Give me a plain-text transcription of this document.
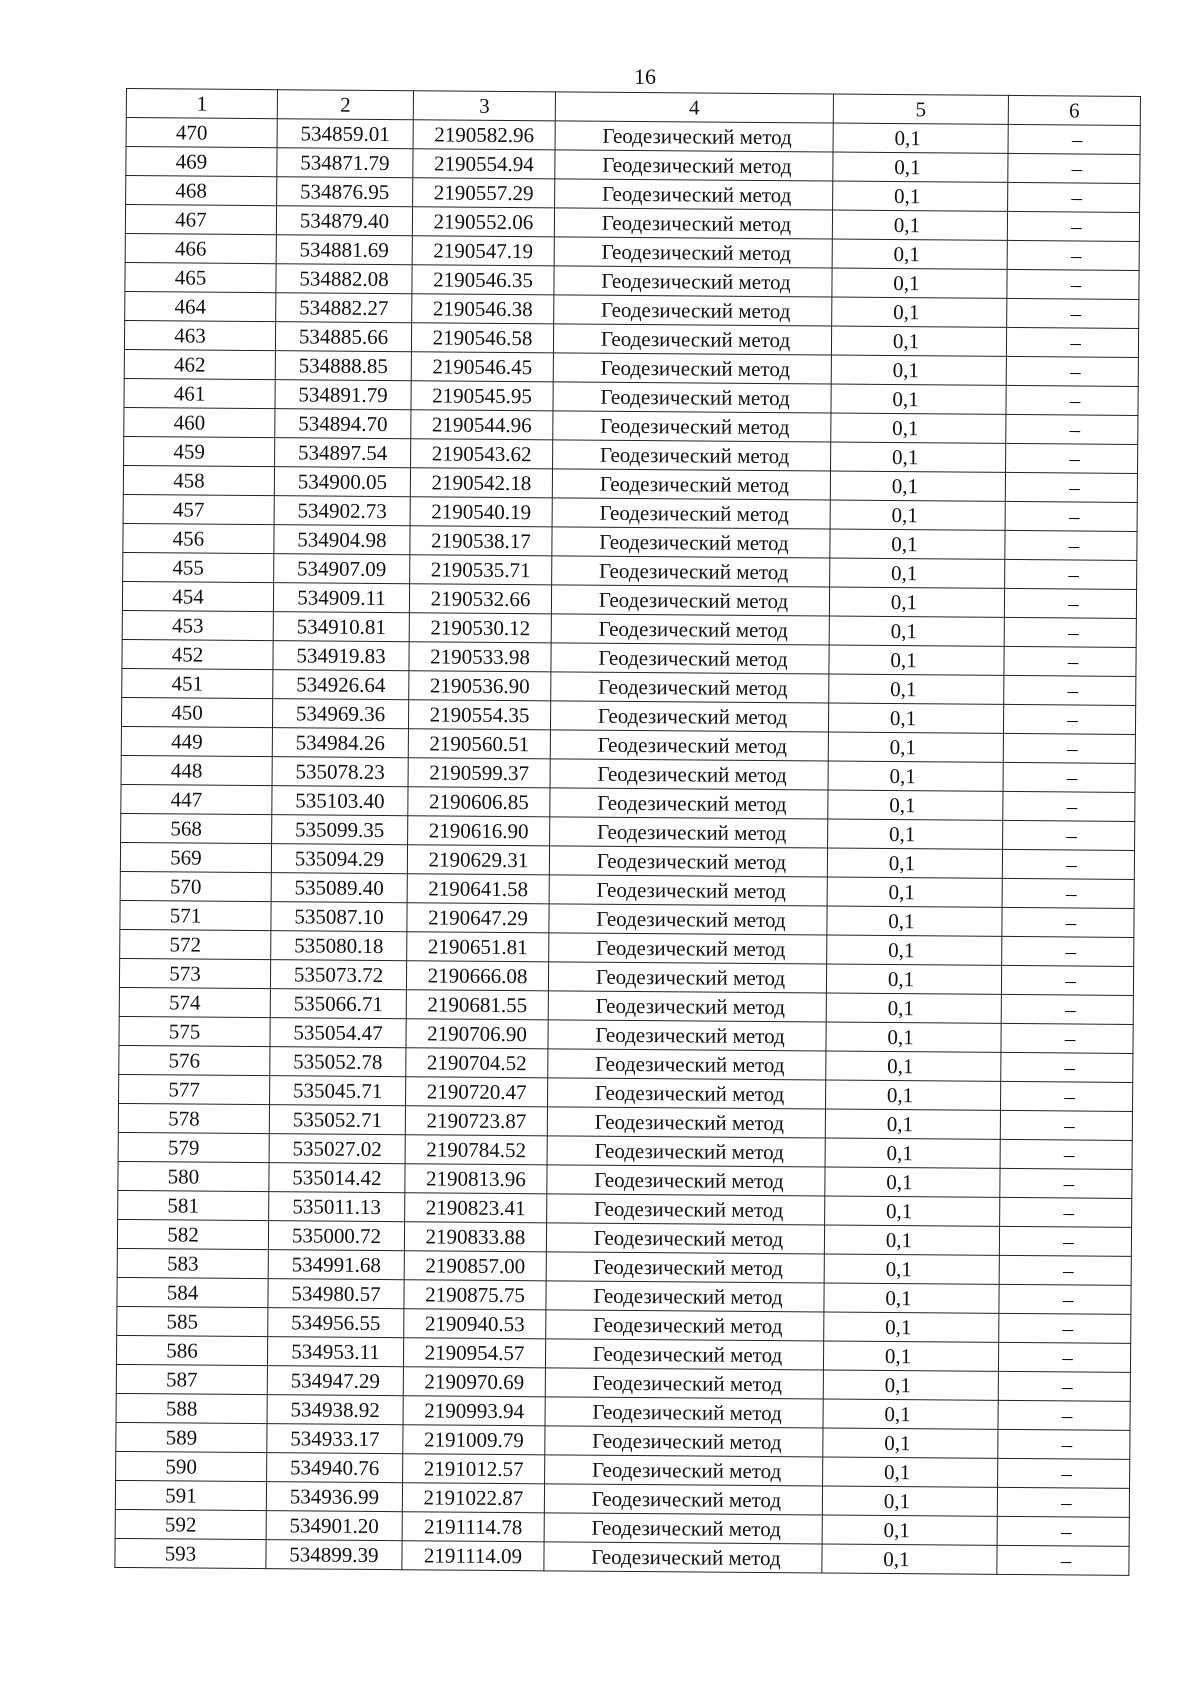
16
1	2	3	4	5	6
470	534859.01	2190582.96	Геодезический метод	0,1	–
469	534871.79	2190554.94	Геодезический метод	0,1	–
468	534876.95	2190557.29	Геодезический метод	0,1	–
467	534879.40	2190552.06	Геодезический метод	0,1	–
466	534881.69	2190547.19	Геодезический метод	0,1	–
465	534882.08	2190546.35	Геодезический метод	0,1	–
464	534882.27	2190546.38	Геодезический метод	0,1	–
463	534885.66	2190546.58	Геодезический метод	0,1	–
462	534888.85	2190546.45	Геодезический метод	0,1	–
461	534891.79	2190545.95	Геодезический метод	0,1	–
460	534894.70	2190544.96	Геодезический метод	0,1	–
459	534897.54	2190543.62	Геодезический метод	0,1	–
458	534900.05	2190542.18	Геодезический метод	0,1	–
457	534902.73	2190540.19	Геодезический метод	0,1	–
456	534904.98	2190538.17	Геодезический метод	0,1	–
455	534907.09	2190535.71	Геодезический метод	0,1	–
454	534909.11	2190532.66	Геодезический метод	0,1	–
453	534910.81	2190530.12	Геодезический метод	0,1	–
452	534919.83	2190533.98	Геодезический метод	0,1	–
451	534926.64	2190536.90	Геодезический метод	0,1	–
450	534969.36	2190554.35	Геодезический метод	0,1	–
449	534984.26	2190560.51	Геодезический метод	0,1	–
448	535078.23	2190599.37	Геодезический метод	0,1	–
447	535103.40	2190606.85	Геодезический метод	0,1	–
568	535099.35	2190616.90	Геодезический метод	0,1	–
569	535094.29	2190629.31	Геодезический метод	0,1	–
570	535089.40	2190641.58	Геодезический метод	0,1	–
571	535087.10	2190647.29	Геодезический метод	0,1	–
572	535080.18	2190651.81	Геодезический метод	0,1	–
573	535073.72	2190666.08	Геодезический метод	0,1	–
574	535066.71	2190681.55	Геодезический метод	0,1	–
575	535054.47	2190706.90	Геодезический метод	0,1	–
576	535052.78	2190704.52	Геодезический метод	0,1	–
577	535045.71	2190720.47	Геодезический метод	0,1	–
578	535052.71	2190723.87	Геодезический метод	0,1	–
579	535027.02	2190784.52	Геодезический метод	0,1	–
580	535014.42	2190813.96	Геодезический метод	0,1	–
581	535011.13	2190823.41	Геодезический метод	0,1	–
582	535000.72	2190833.88	Геодезический метод	0,1	–
583	534991.68	2190857.00	Геодезический метод	0,1	–
584	534980.57	2190875.75	Геодезический метод	0,1	–
585	534956.55	2190940.53	Геодезический метод	0,1	–
586	534953.11	2190954.57	Геодезический метод	0,1	–
587	534947.29	2190970.69	Геодезический метод	0,1	–
588	534938.92	2190993.94	Геодезический метод	0,1	–
589	534933.17	2191009.79	Геодезический метод	0,1	–
590	534940.76	2191012.57	Геодезический метод	0,1	–
591	534936.99	2191022.87	Геодезический метод	0,1	–
592	534901.20	2191114.78	Геодезический метод	0,1	–
593	534899.39	2191114.09	Геодезический метод	0,1	–
